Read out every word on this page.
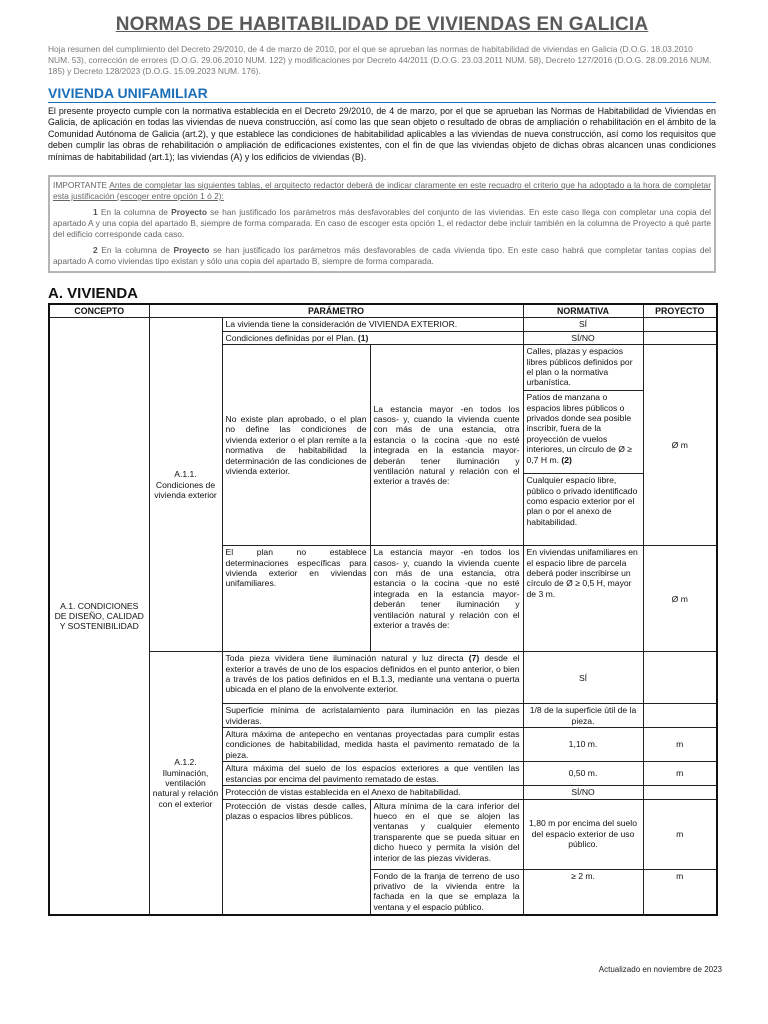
NORMAS DE HABITABILIDAD DE VIVIENDAS EN GALICIA

Hoja resumen del cumplimiento del Decreto 29/2010, de 4 de marzo de 2010, por el que se aprueban las normas de habitabilidad de viviendas en Galicia (D.O.G. 18.03.2010 NUM. 53), corrección de errores (D.O.G. 29.06.2010 NUM. 122) y modificaciones por Decreto 44/2011 (D.O.G. 23.03.2011 NUM. 58), Decreto 127/2016 (D.O.G. 28.09.2016 NUM. 185) y Decreto 128/2023 (D.O.G. 15.09.2023 NUM. 176).

VIVIENDA UNIFAMILIAR

El presente proyecto cumple con la normativa establecida en el Decreto 29/2010, de 4 de marzo, por el que se aprueban las Normas de Habitabilidad de Viviendas en Galicia, de aplicación en todas las viviendas de nueva construcción, así como las que sean objeto o resultado de obras de ampliación o rehabilitación en el ámbito de la Comunidad Autónoma de Galicia (art.2), y que establece las condiciones de habitabilidad aplicables a las viviendas de nueva construcción, así como los requisitos que deben cumplir las obras de rehabilitación o ampliación de edificaciones existentes, con el fin de que las viviendas objeto de dichas obras alcancen unas condiciones mínimas de habitabilidad (art.1); las viviendas (A) y los edificios de viviendas (B).

IMPORTANTE Antes de completar las siguientes tablas, el arquitecto redactor deberá de indicar claramente en este recuadro el criterio que ha adoptado a la hora de completar esta justificación (escoger entre opción 1 ó 2):

1 En la columna de Proyecto se han justificado los parámetros más desfavorables del conjunto de las viviendas. En este caso llega con completar una copia del apartado A y una copia del apartado B, siempre de forma comparada. En caso de escoger esta opción 1, el redactor debe incluir también en la columna de Proyecto a qué parte del edificio corresponde cada caso.

2 En la columna de Proyecto se han justificado los parámetros más desfavorables de cada vivienda tipo. En este caso habrá que completar tantas copias del apartado A como viviendas tipo existan y sólo una copia del apartado B, siempre de forma comparada.

A. VIVIENDA
CONCEPTO	PARÁMETRO			NORMATIVA	PROYECTO
A.1. CONDICIONES DE DISEÑO, CALIDAD Y SOSTENIBILIDAD	A.1.1. Condiciones de vivienda exterior	La vivienda tiene la consideración de VIVIENDA EXTERIOR.		SÍ	
		Condiciones definidas por el Plan. (1)		SÍ/NO	
		No existe plan aprobado, o el plan no define las condiciones de vivienda exterior o el plan remite a la normativa de habitabilidad la determinación de las condiciones de vivienda exterior.	La estancia mayor -en todos los casos- y, cuando la vivienda cuente con más de una estancia, otra estancia o la cocina -que no esté integrada en la estancia mayor- deberán tener iluminación y ventilación natural y relación con el exterior a través de:	Calles, plazas y espacios libres públicos definidos por el plan o la normativa urbanística.	Ø m
				Patios de manzana o espacios libres públicos o privados donde sea posible inscribir, fuera de la proyección de vuelos interiores, un círculo de Ø ≥ 0,7 H m. (2)	
				Cualquier espacio libre, público o privado identificado como espacio exterior por el plan o por el anexo de habitabilidad.	
		El plan no establece determinaciones específicas para vivienda exterior en viviendas unifamiliares.	La estancia mayor -en todos los casos- y, cuando la vivienda cuente con más de una estancia, otra estancia o la cocina -que no esté integrada en la estancia mayor- deberán tener iluminación y ventilación natural y relación con el exterior a través de:	En viviendas unifamiliares en el espacio libre de parcela deberá poder inscribirse un círculo de Ø ≥ 0,5 H, mayor de 3 m.	Ø m

	A.1.2. Iluminación, ventilación natural y relación con el exterior	Toda pieza vividera tiene iluminación natural y luz directa (7) desde el exterior a través de uno de los espacios definidos en el punto anterior, o bien a través de los patios definidos en el B.1.3, mediante una ventana o puerta ubicada en el plano de la envolvente exterior.		SÍ	
		Superficie mínima de acristalamiento para iluminación en las piezas vivideras.		1/8 de la superficie útil de la pieza.	
		Altura máxima de antepecho en ventanas proyectadas para cumplir estas condiciones de habitabilidad, medida hasta el pavimento rematado de la pieza.		1,10 m.	m
		Altura máxima del suelo de los espacios exteriores a que ventilen las estancias por encima del pavimento rematado de estas.		0,50 m.	m
		Protección de vistas establecida en el Anexo de habitabilidad.		SÍ/NO	
		Protección de vistas desde calles, plazas o espacios libres públicos.	Altura mínima de la cara inferior del hueco en el que se alojen las ventanas y cualquier elemento transparente que se pueda situar en dicho hueco y permita la visión del interior de las piezas vivideras.	1,80 m por encima del suelo del espacio exterior de uso público.	m
			Fondo de la franja de terreno de uso privativo de la vivienda entre la fachada en la que se emplaza la ventana y el espacio público.	≥ 2 m.	m

Actualizado en noviembre de 2023
